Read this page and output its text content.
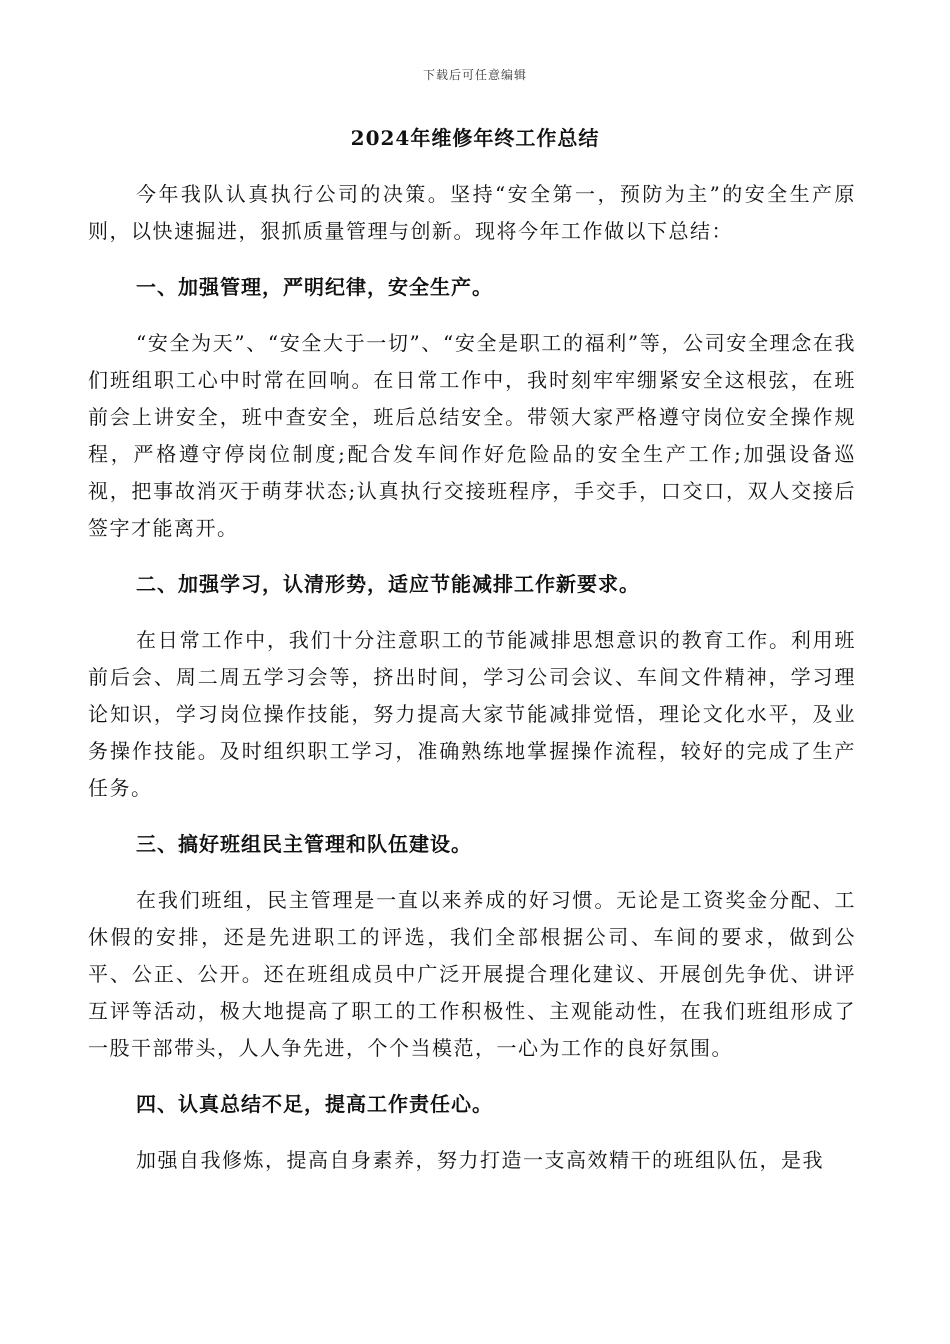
下载后可任意编辑
2024年维修年终工作总结

今年我队认真执行公司的决策。坚持“安全第一，预防为主”的安全生产原则，以快速掘进，狠抓质量管理与创新。现将今年工作做以下总结：

一、加强管理，严明纪律，安全生产。

“安全为天”、“安全大于一切”、“安全是职工的福利”等，公司安全理念在我们班组职工心中时常在回响。在日常工作中，我时刻牢牢绷紧安全这根弦，在班前会上讲安全，班中查安全，班后总结安全。带领大家严格遵守岗位安全操作规程，严格遵守停岗位制度;配合发车间作好危险品的安全生产工作;加强设备巡视，把事故消灭于萌芽状态;认真执行交接班程序，手交手，口交口，双人交接后签字才能离开。

二、加强学习，认清形势，适应节能减排工作新要求。

在日常工作中，我们十分注意职工的节能减排思想意识的教育工作。利用班前后会、周二周五学习会等，挤出时间，学习公司会议、车间文件精神，学习理论知识，学习岗位操作技能，努力提高大家节能减排觉悟，理论文化水平，及业务操作技能。及时组织职工学习，准确熟练地掌握操作流程，较好的完成了生产任务。

三、搞好班组民主管理和队伍建设。

在我们班组，民主管理是一直以来养成的好习惯。无论是工资奖金分配、工休假的安排，还是先进职工的评选，我们全部根据公司、车间的要求，做到公平、公正、公开。还在班组成员中广泛开展提合理化建议、开展创先争优、讲评互评等活动，极大地提高了职工的工作积极性、主观能动性，在我们班组形成了一股干部带头，人人争先进，个个当模范，一心为工作的良好氛围。

四、认真总结不足，提高工作责任心。

加强自我修炼，提高自身素养，努力打造一支高效精干的班组队伍，是我
